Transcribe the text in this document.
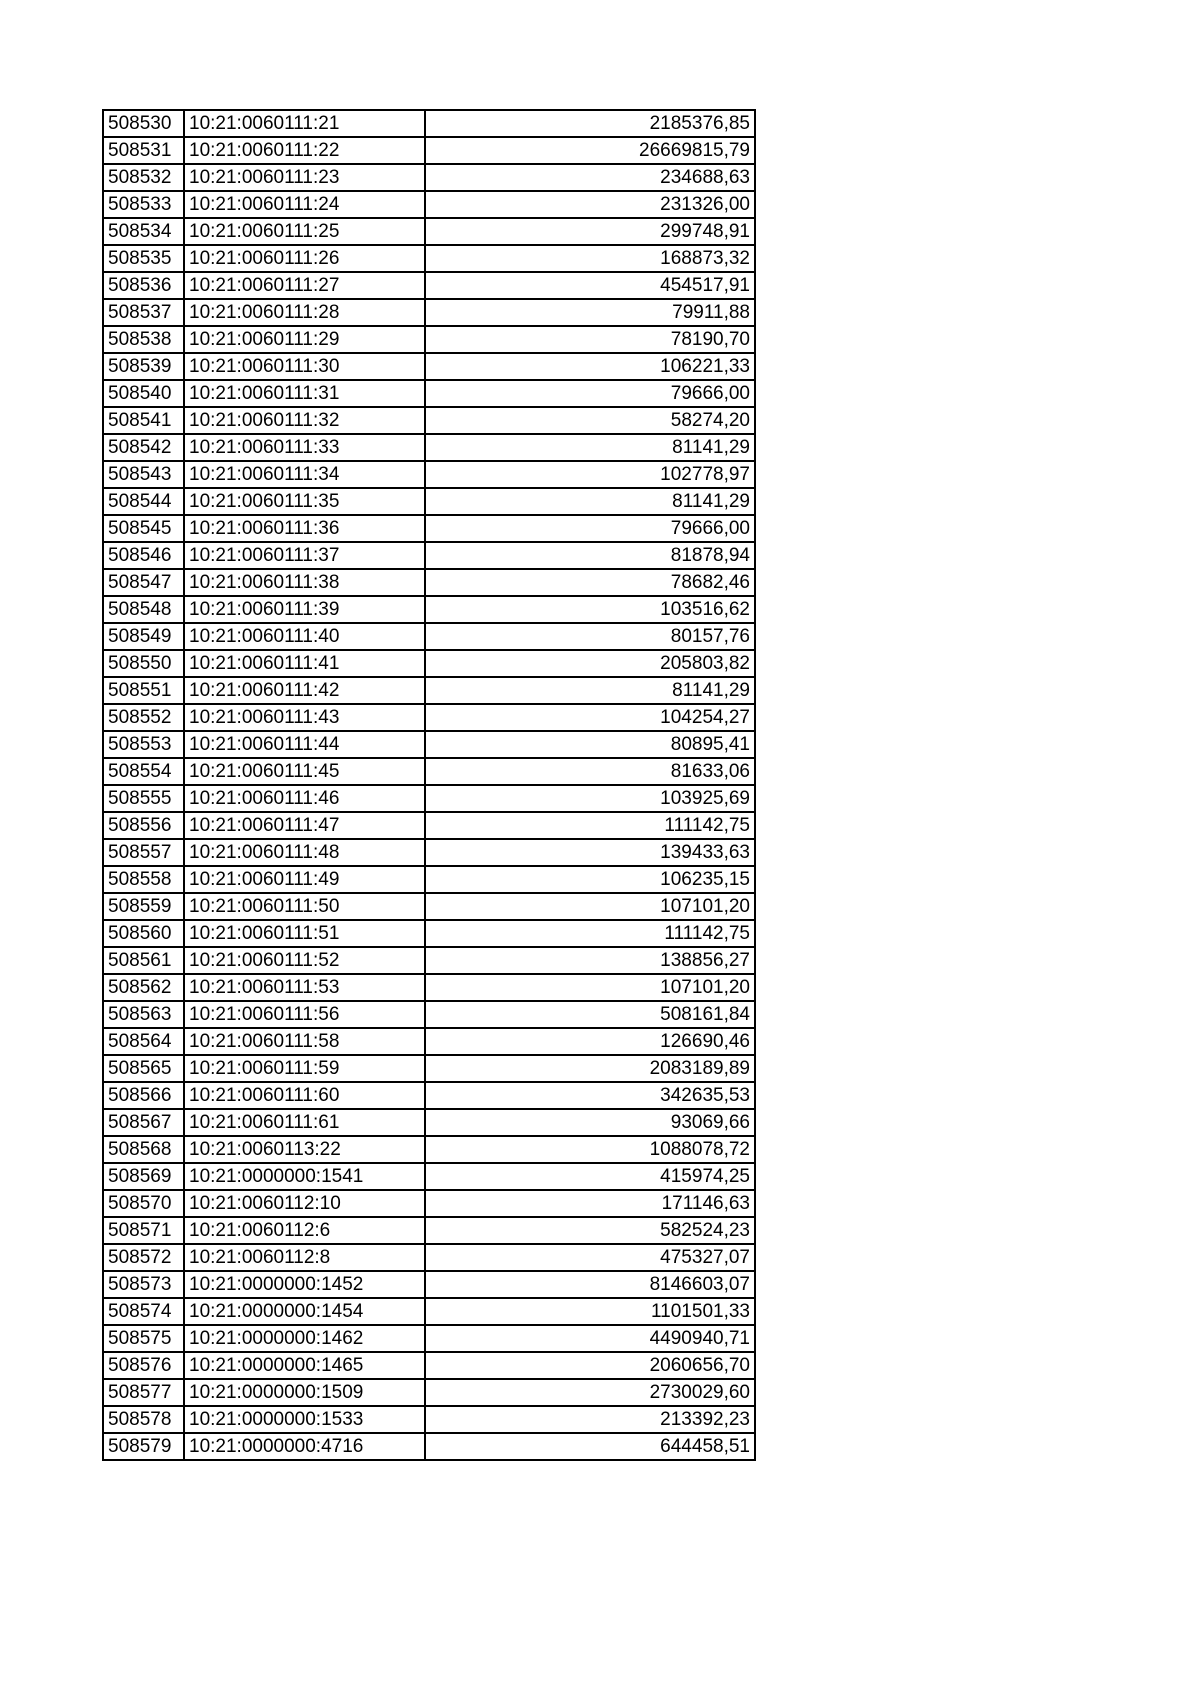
508530	10:21:0060111:21	2185376,85
508531	10:21:0060111:22	26669815,79
508532	10:21:0060111:23	234688,63
508533	10:21:0060111:24	231326,00
508534	10:21:0060111:25	299748,91
508535	10:21:0060111:26	168873,32
508536	10:21:0060111:27	454517,91
508537	10:21:0060111:28	79911,88
508538	10:21:0060111:29	78190,70
508539	10:21:0060111:30	106221,33
508540	10:21:0060111:31	79666,00
508541	10:21:0060111:32	58274,20
508542	10:21:0060111:33	81141,29
508543	10:21:0060111:34	102778,97
508544	10:21:0060111:35	81141,29
508545	10:21:0060111:36	79666,00
508546	10:21:0060111:37	81878,94
508547	10:21:0060111:38	78682,46
508548	10:21:0060111:39	103516,62
508549	10:21:0060111:40	80157,76
508550	10:21:0060111:41	205803,82
508551	10:21:0060111:42	81141,29
508552	10:21:0060111:43	104254,27
508553	10:21:0060111:44	80895,41
508554	10:21:0060111:45	81633,06
508555	10:21:0060111:46	103925,69
508556	10:21:0060111:47	111142,75
508557	10:21:0060111:48	139433,63
508558	10:21:0060111:49	106235,15
508559	10:21:0060111:50	107101,20
508560	10:21:0060111:51	111142,75
508561	10:21:0060111:52	138856,27
508562	10:21:0060111:53	107101,20
508563	10:21:0060111:56	508161,84
508564	10:21:0060111:58	126690,46
508565	10:21:0060111:59	2083189,89
508566	10:21:0060111:60	342635,53
508567	10:21:0060111:61	93069,66
508568	10:21:0060113:22	1088078,72
508569	10:21:0000000:1541	415974,25
508570	10:21:0060112:10	171146,63
508571	10:21:0060112:6	582524,23
508572	10:21:0060112:8	475327,07
508573	10:21:0000000:1452	8146603,07
508574	10:21:0000000:1454	1101501,33
508575	10:21:0000000:1462	4490940,71
508576	10:21:0000000:1465	2060656,70
508577	10:21:0000000:1509	2730029,60
508578	10:21:0000000:1533	213392,23
508579	10:21:0000000:4716	644458,51
